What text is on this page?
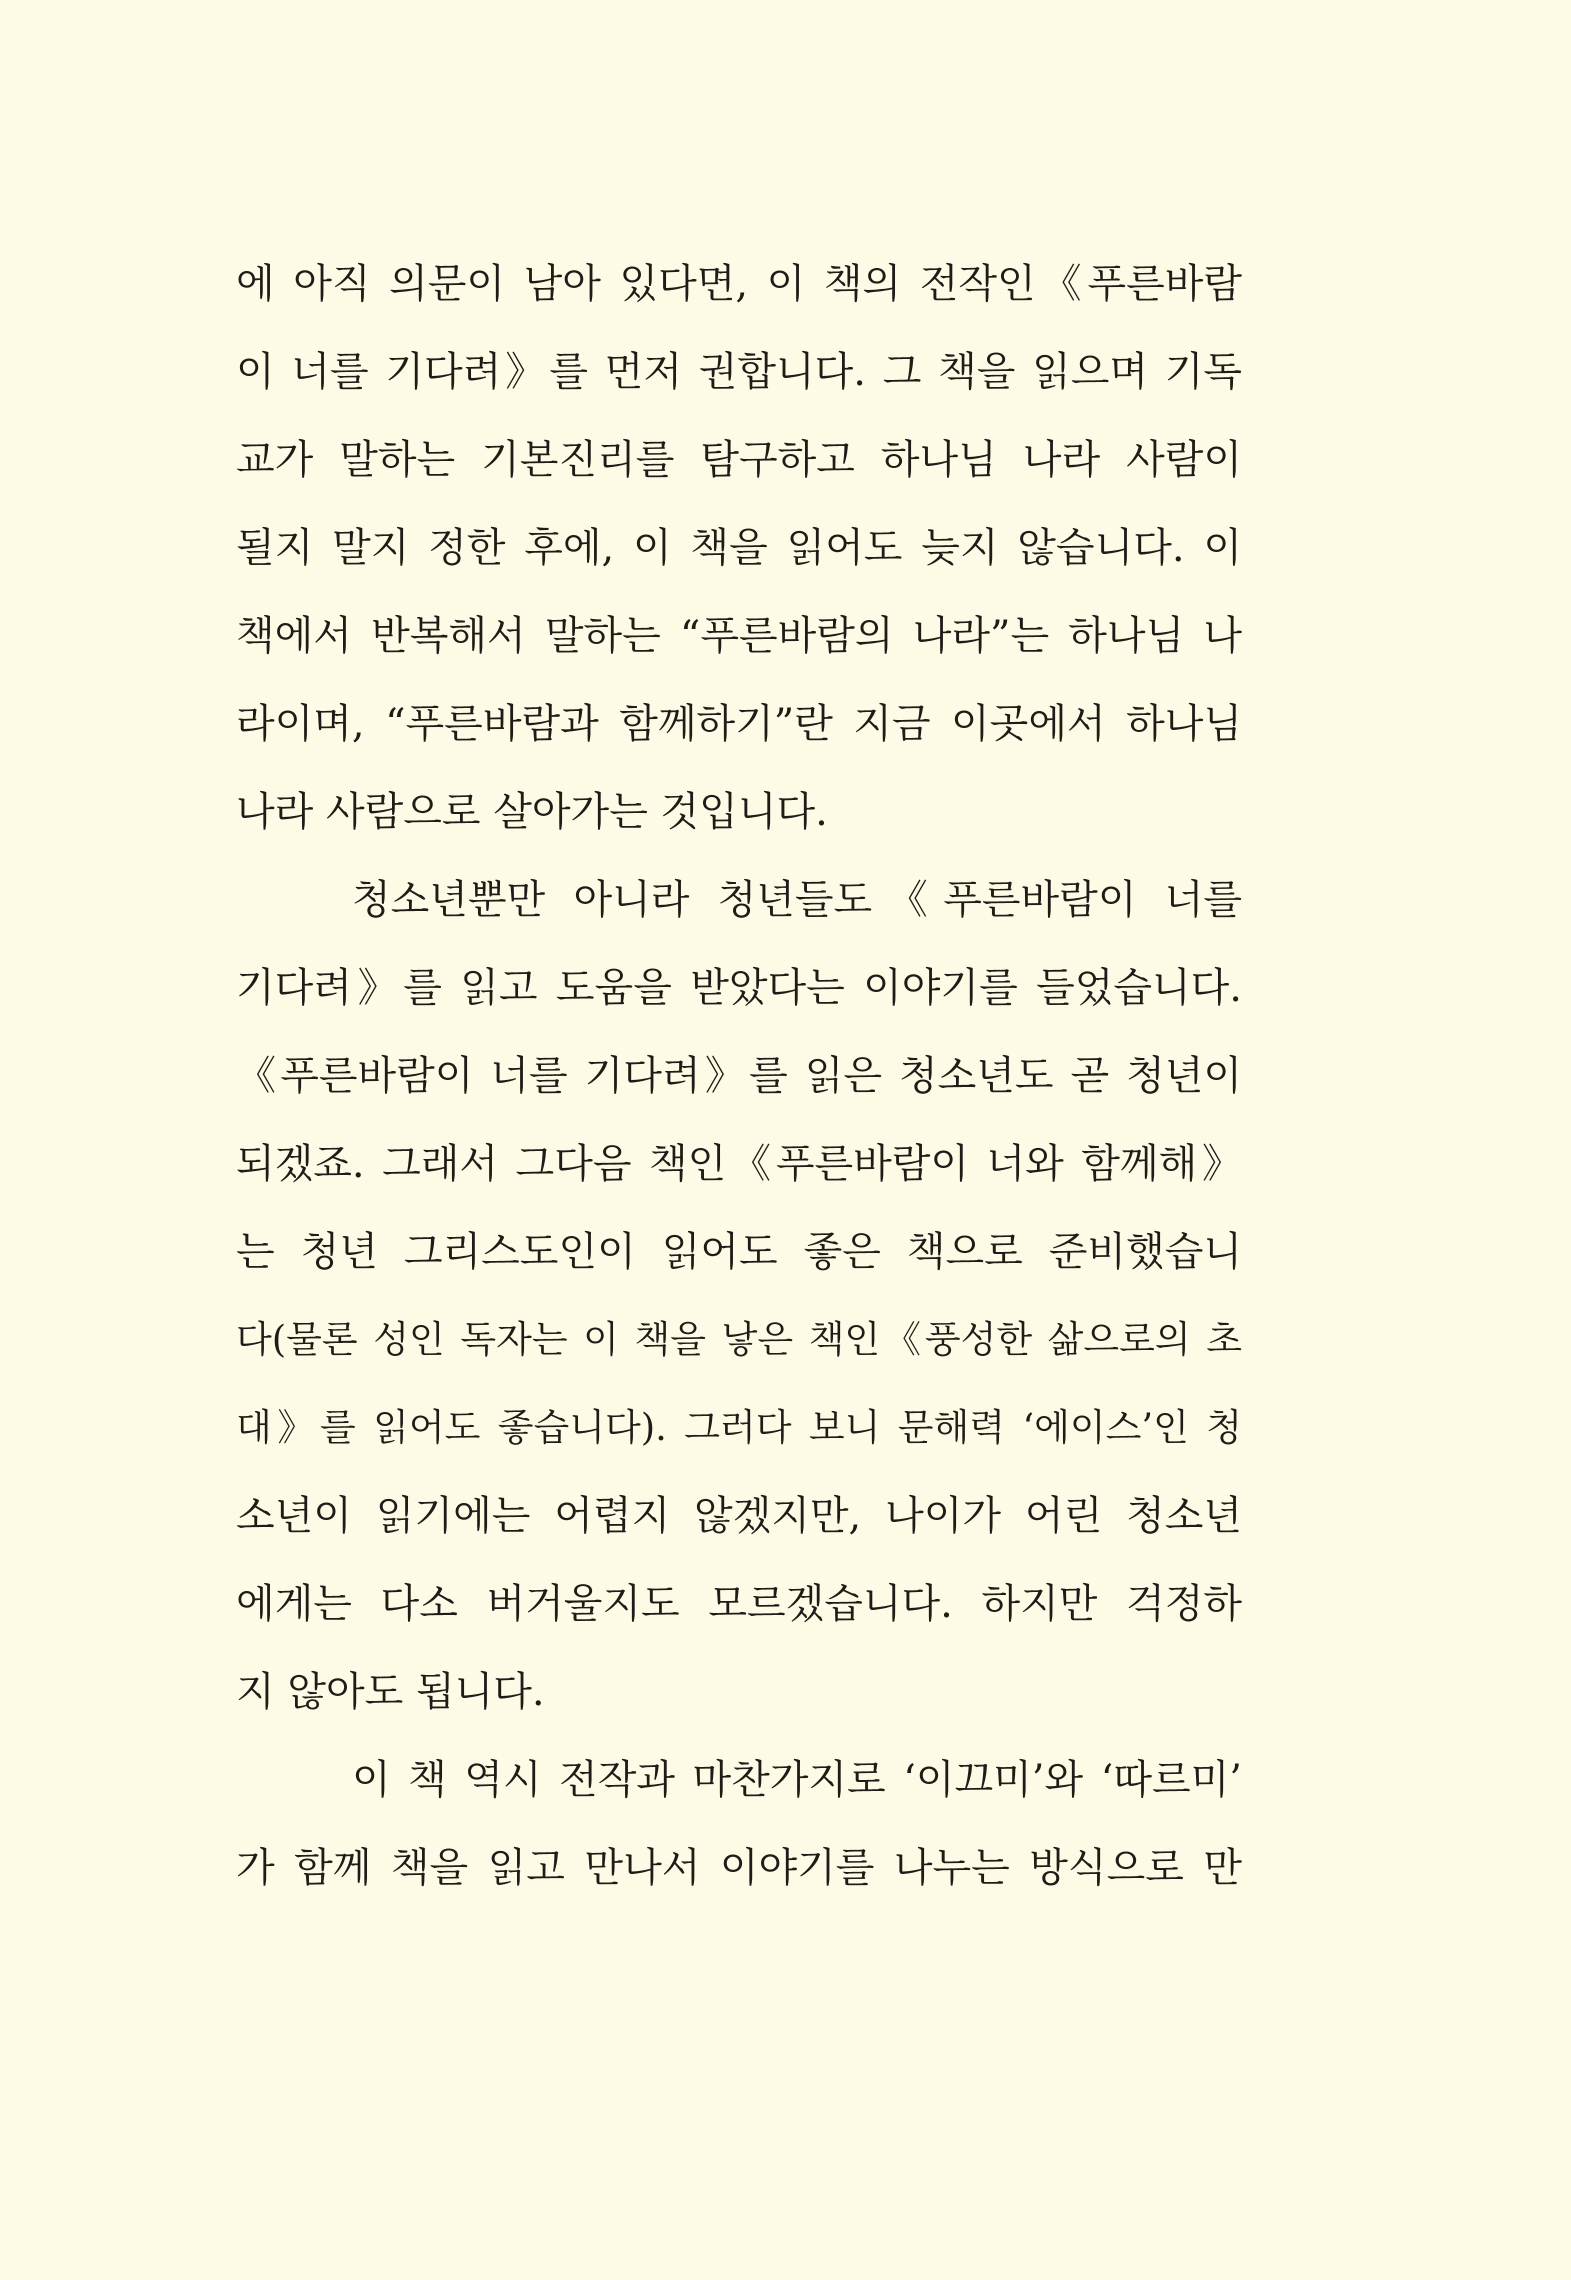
에 아직 의문이 남아 있다면, 이 책의 전작인《푸른바람
이 너를 기다려》를 먼저 권합니다. 그 책을 읽으며 기독
교가 말하는 기본진리를 탐구하고 하나님 나라 사람이
될지 말지 정한 후에, 이 책을 읽어도 늦지 않습니다. 이
책에서 반복해서 말하는 “푸른바람의 나라”는 하나님 나
라이며, “푸른바람과 함께하기”란 지금 이곳에서 하나님
나라 사람으로 살아가는 것입니다.
청소년뿐만 아니라 청년들도《푸른바람이 너를
기다려》를 읽고 도움을 받았다는 이야기를 들었습니다.
《푸른바람이 너를 기다려》를 읽은 청소년도 곧 청년이
되겠죠. 그래서 그다음 책인《푸른바람이 너와 함께해》
는 청년 그리스도인이 읽어도 좋은 책으로 준비했습니
다(물론 성인 독자는 이 책을 낳은 책인《풍성한 삶으로의 초
대》를 읽어도 좋습니다). 그러다 보니 문해력 ‘에이스’인 청
소년이 읽기에는 어렵지 않겠지만, 나이가 어린 청소년
에게는 다소 버거울지도 모르겠습니다. 하지만 걱정하
지 않아도 됩니다.
이 책 역시 전작과 마찬가지로 ‘이끄미’와 ‘따르미’
가 함께 책을 읽고 만나서 이야기를 나누는 방식으로 만
